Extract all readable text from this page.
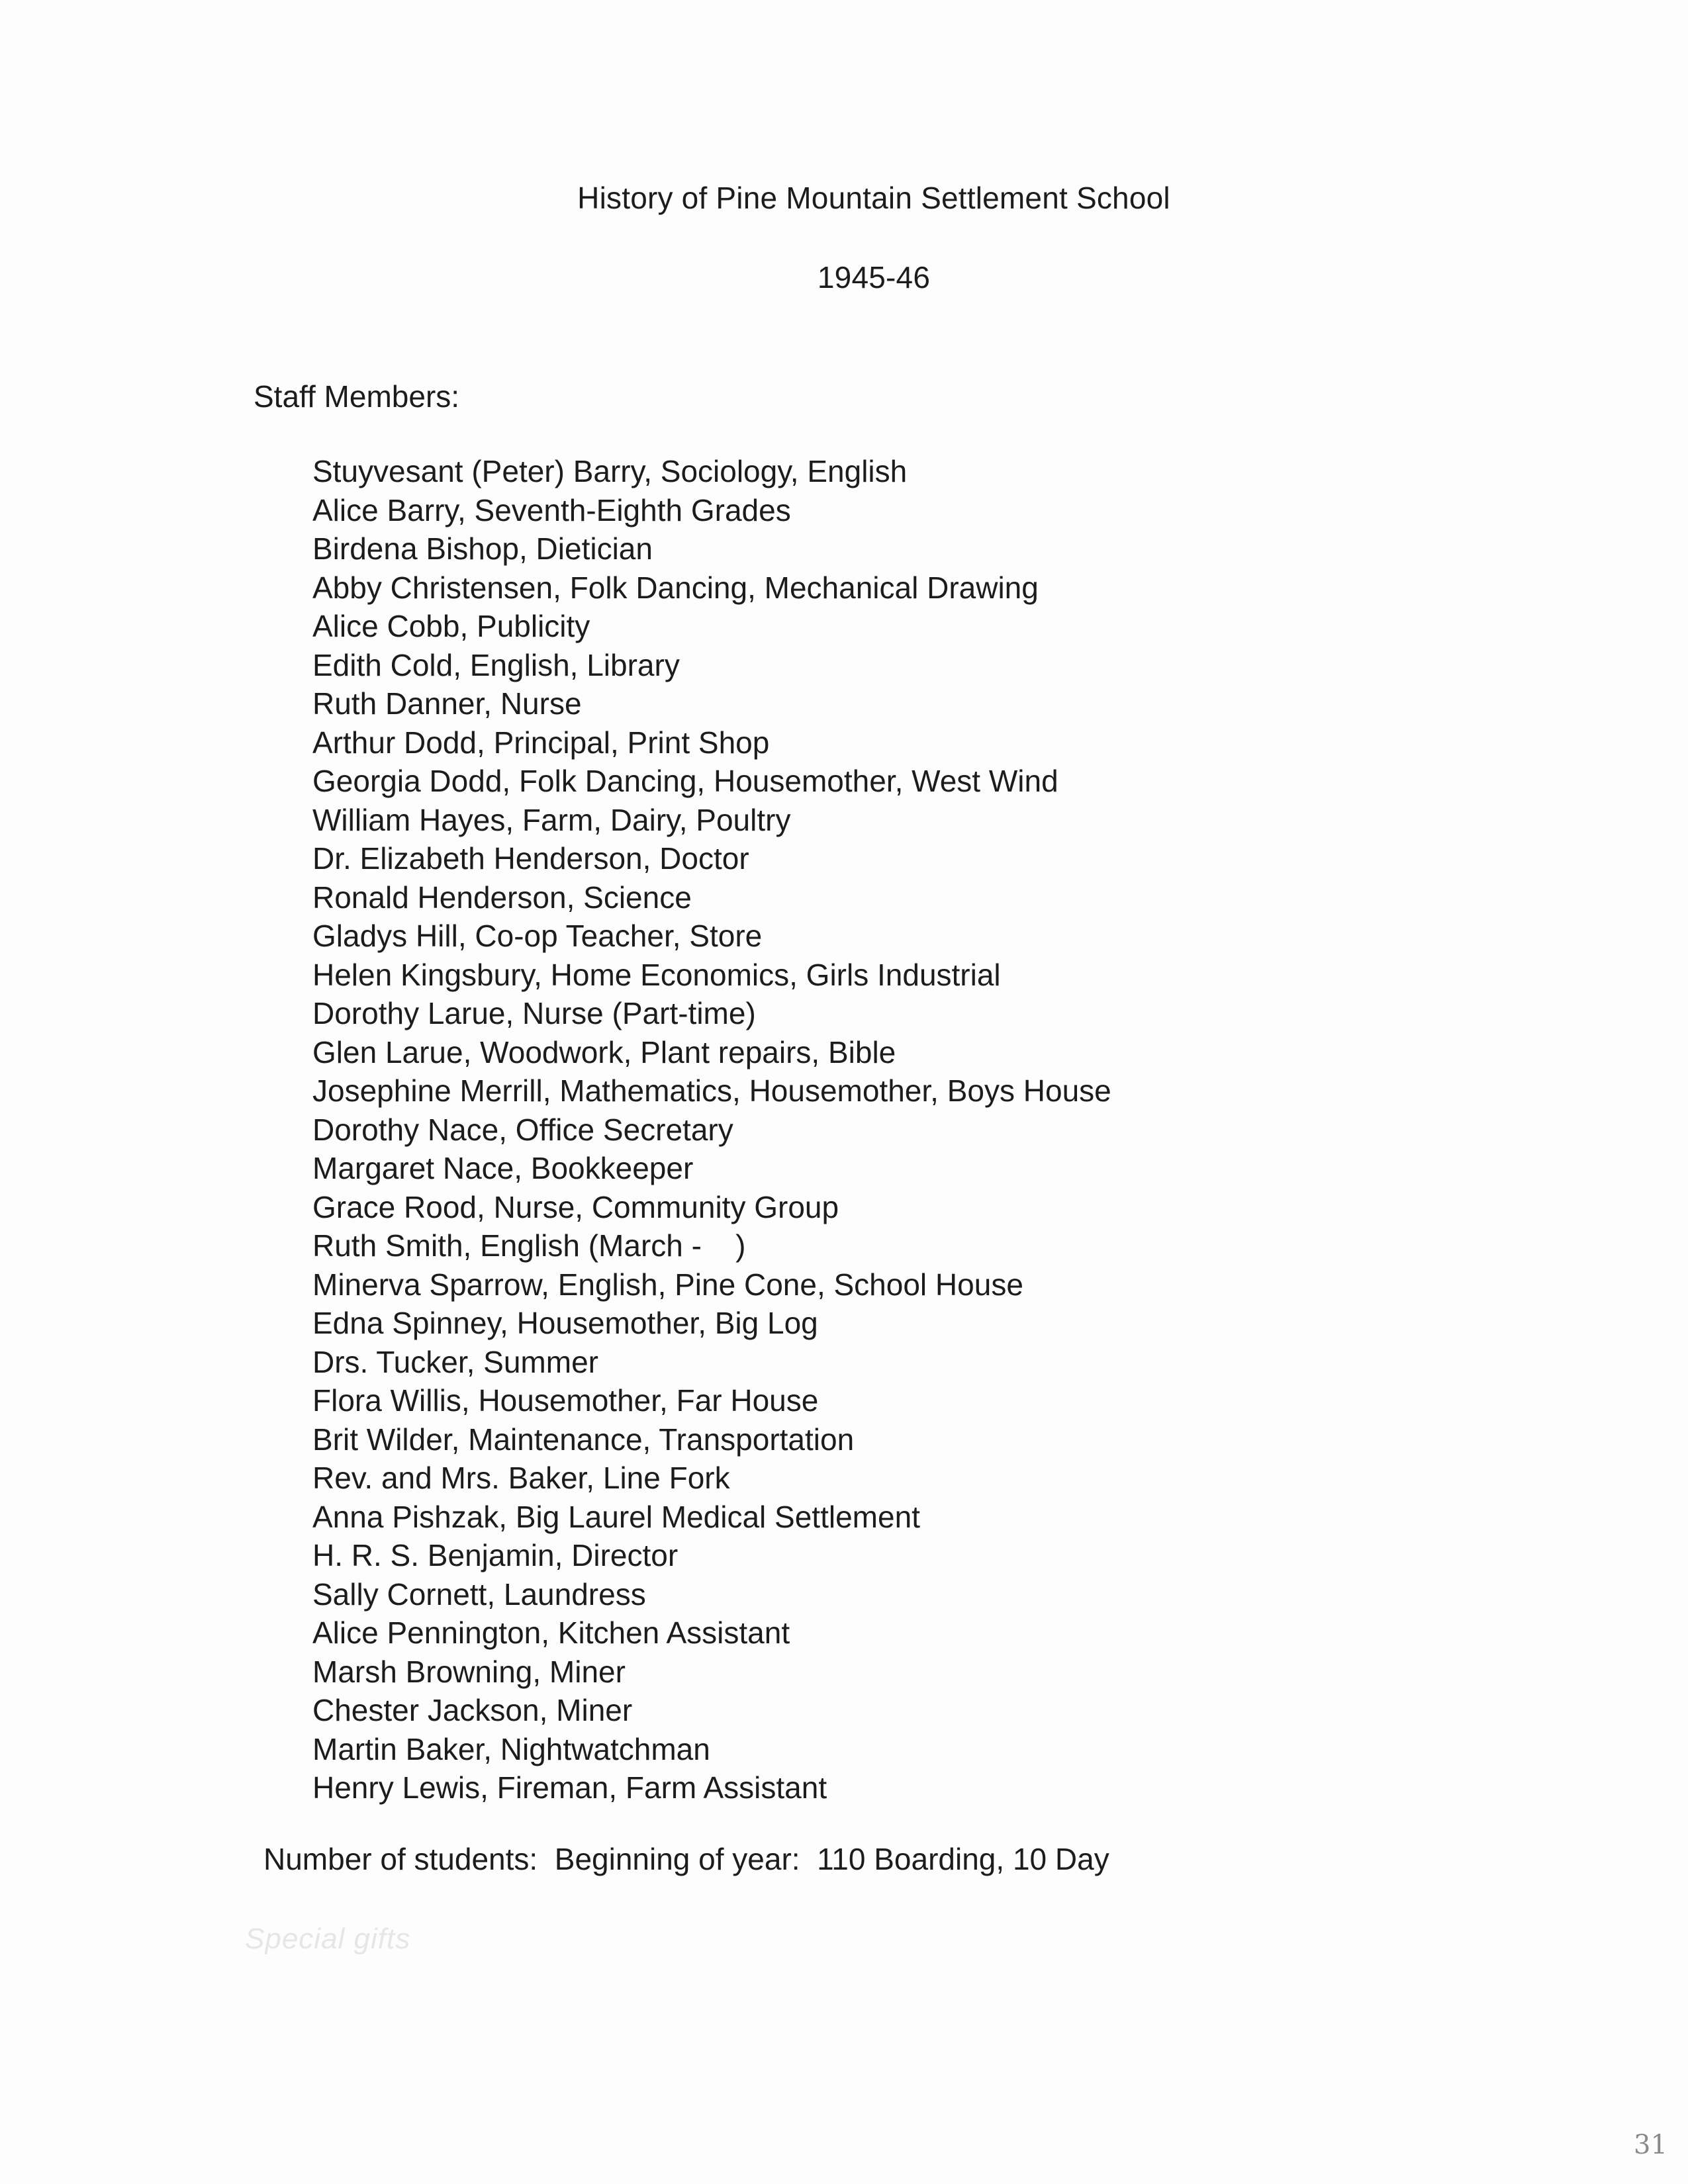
History of Pine Mountain Settlement School
1945-46
Staff Members:
Stuyvesant (Peter) Barry, Sociology, English
Alice Barry, Seventh-Eighth Grades
Birdena Bishop, Dietician
Abby Christensen, Folk Dancing, Mechanical Drawing
Alice Cobb, Publicity
Edith Cold, English, Library
Ruth Danner, Nurse
Arthur Dodd, Principal, Print Shop
Georgia Dodd, Folk Dancing, Housemother, West Wind
William Hayes, Farm, Dairy, Poultry
Dr. Elizabeth Henderson, Doctor
Ronald Henderson, Science
Gladys Hill, Co-op Teacher, Store
Helen Kingsbury, Home Economics, Girls Industrial
Dorothy Larue, Nurse (Part-time)
Glen Larue, Woodwork, Plant repairs, Bible
Josephine Merrill, Mathematics, Housemother, Boys House
Dorothy Nace, Office Secretary
Margaret Nace, Bookkeeper
Grace Rood, Nurse, Community Group
Ruth Smith, English (March -    )
Minerva Sparrow, English, Pine Cone, School House
Edna Spinney, Housemother, Big Log
Drs. Tucker, Summer
Flora Willis, Housemother, Far House
Brit Wilder, Maintenance, Transportation
Rev. and Mrs. Baker, Line Fork
Anna Pishzak, Big Laurel Medical Settlement
H. R. S. Benjamin, Director
Sally Cornett, Laundress
Alice Pennington, Kitchen Assistant
Marsh Browning, Miner
Chester Jackson, Miner
Martin Baker, Nightwatchman
Henry Lewis, Fireman, Farm Assistant
Number of students:  Beginning of year:  110 Boarding, 10 Day
Special gifts
31
